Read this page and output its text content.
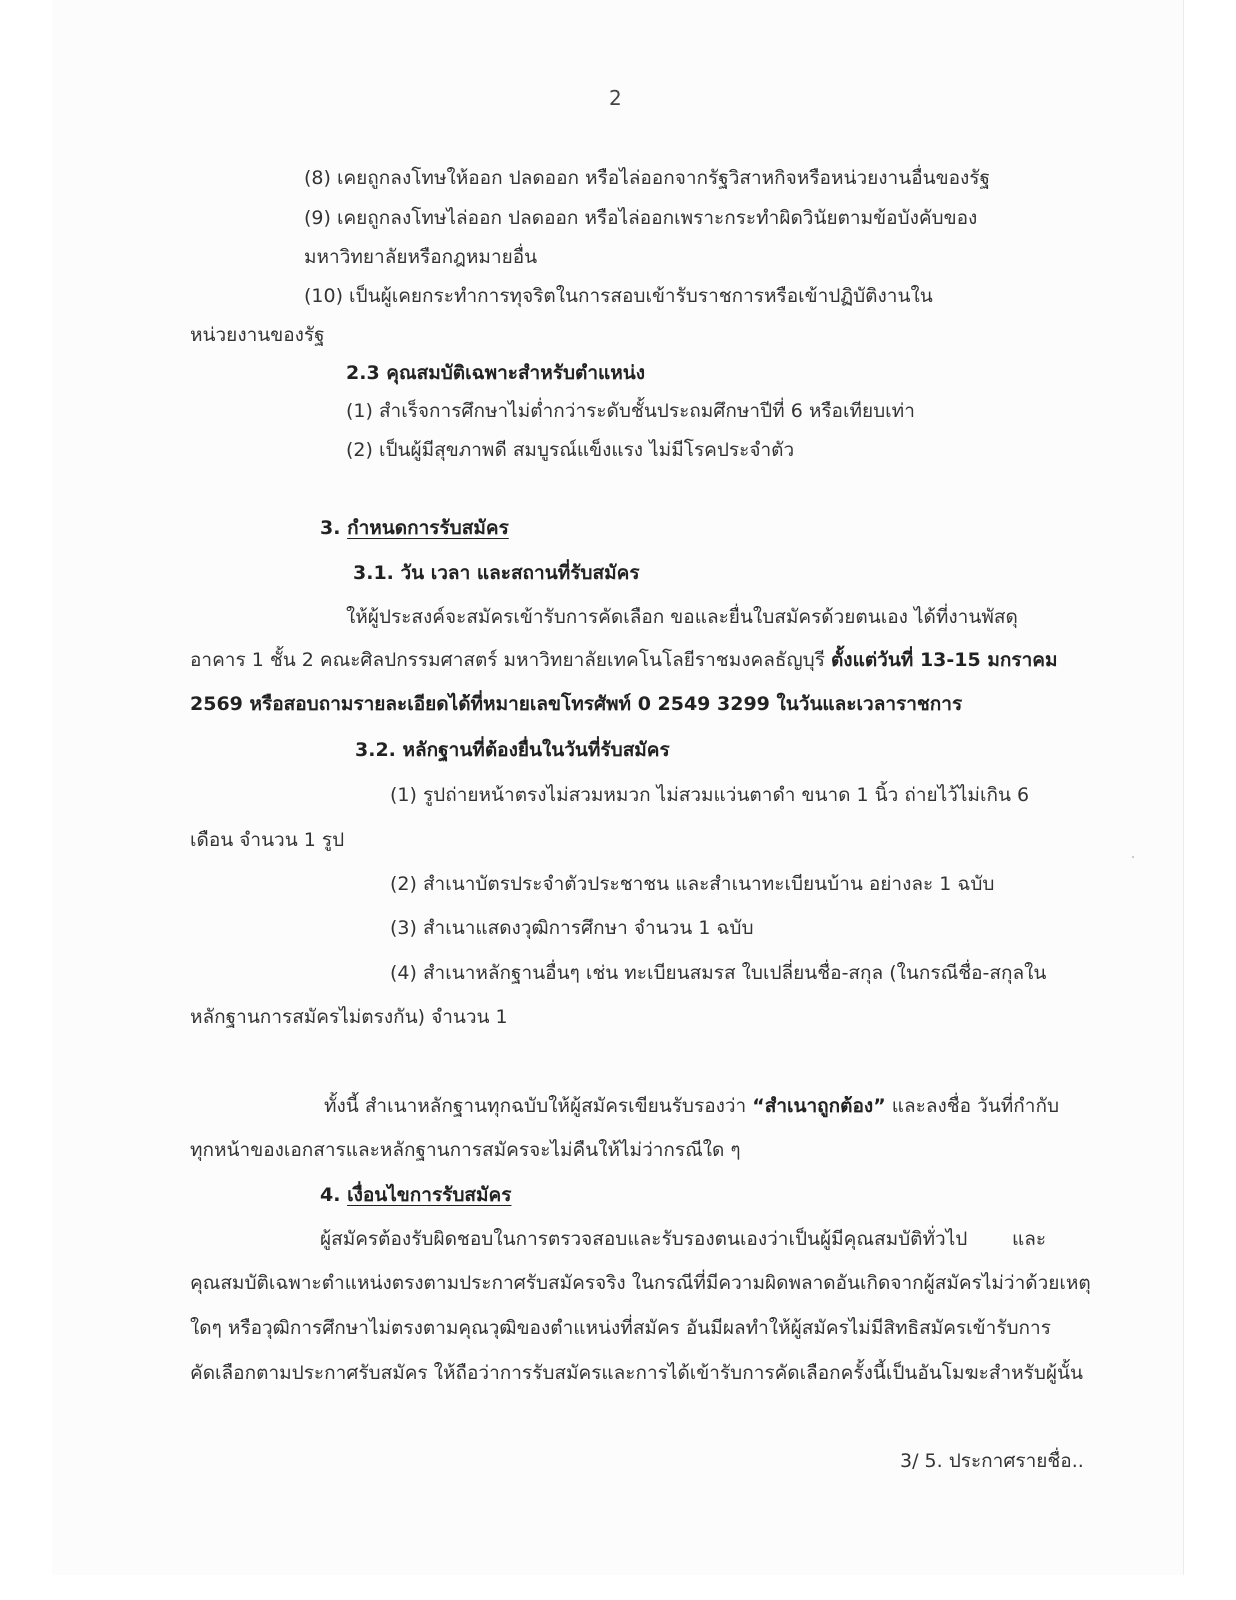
2
(8) เคยถูกลงโทษให้ออก ปลดออก หรือไล่ออกจากรัฐวิสาหกิจหรือหน่วยงานอื่นของรัฐ
(9) เคยถูกลงโทษไล่ออก ปลดออก หรือไล่ออกเพราะกระทำผิดวินัยตามข้อบังคับของ
มหาวิทยาลัยหรือกฎหมายอื่น
(10) เป็นผู้เคยกระทำการทุจริตในการสอบเข้ารับราชการหรือเข้าปฏิบัติงานใน
หน่วยงานของรัฐ
2.3 คุณสมบัติเฉพาะสำหรับตำแหน่ง
(1) สำเร็จการศึกษาไม่ต่ำกว่าระดับชั้นประถมศึกษาปีที่ 6 หรือเทียบเท่า
(2) เป็นผู้มีสุขภาพดี สมบูรณ์แข็งแรง ไม่มีโรคประจำตัว
3. กำหนดการรับสมัคร
3.1. วัน เวลา และสถานที่รับสมัคร
ให้ผู้ประสงค์จะสมัครเข้ารับการคัดเลือก ขอและยื่นใบสมัครด้วยตนเอง ได้ที่งานพัสดุ
อาคาร 1 ชั้น 2 คณะศิลปกรรมศาสตร์ มหาวิทยาลัยเทคโนโลยีราชมงคลธัญบุรี ตั้งแต่วันที่ 13-15 มกราคม
2569 หรือสอบถามรายละเอียดได้ที่หมายเลขโทรศัพท์ 0 2549 3299 ในวันและเวลาราชการ
3.2. หลักฐานที่ต้องยื่นในวันที่รับสมัคร
(1) รูปถ่ายหน้าตรงไม่สวมหมวก ไม่สวมแว่นตาดำ ขนาด 1 นิ้ว ถ่ายไว้ไม่เกิน 6
เดือน จำนวน 1 รูป
(2) สำเนาบัตรประจำตัวประชาชน และสำเนาทะเบียนบ้าน อย่างละ 1 ฉบับ
(3) สำเนาแสดงวุฒิการศึกษา จำนวน 1 ฉบับ
(4) สำเนาหลักฐานอื่นๆ เช่น ทะเบียนสมรส ใบเปลี่ยนชื่อ-สกุล (ในกรณีชื่อ-สกุลใน
หลักฐานการสมัครไม่ตรงกัน) จำนวน 1
ทั้งนี้ สำเนาหลักฐานทุกฉบับให้ผู้สมัครเขียนรับรองว่า “สำเนาถูกต้อง” และลงชื่อ วันที่กำกับ
ทุกหน้าของเอกสารและหลักฐานการสมัครจะไม่คืนให้ไม่ว่ากรณีใด ๆ
4. เงื่อนไขการรับสมัคร
ผู้สมัครต้องรับผิดชอบในการตรวจสอบและรับรองตนเองว่าเป็นผู้มีคุณสมบัติทั่วไป และ
คุณสมบัติเฉพาะตำแหน่งตรงตามประกาศรับสมัครจริง ในกรณีที่มีความผิดพลาดอันเกิดจากผู้สมัครไม่ว่าด้วยเหตุ
ใดๆ หรือวุฒิการศึกษาไม่ตรงตามคุณวุฒิของตำแหน่งที่สมัคร อันมีผลทำให้ผู้สมัครไม่มีสิทธิสมัครเข้ารับการ
คัดเลือกตามประกาศรับสมัคร ให้ถือว่าการรับสมัครและการได้เข้ารับการคัดเลือกครั้งนี้เป็นอันโมฆะสำหรับผู้นั้น
3/ 5. ประกาศรายชื่อ..
